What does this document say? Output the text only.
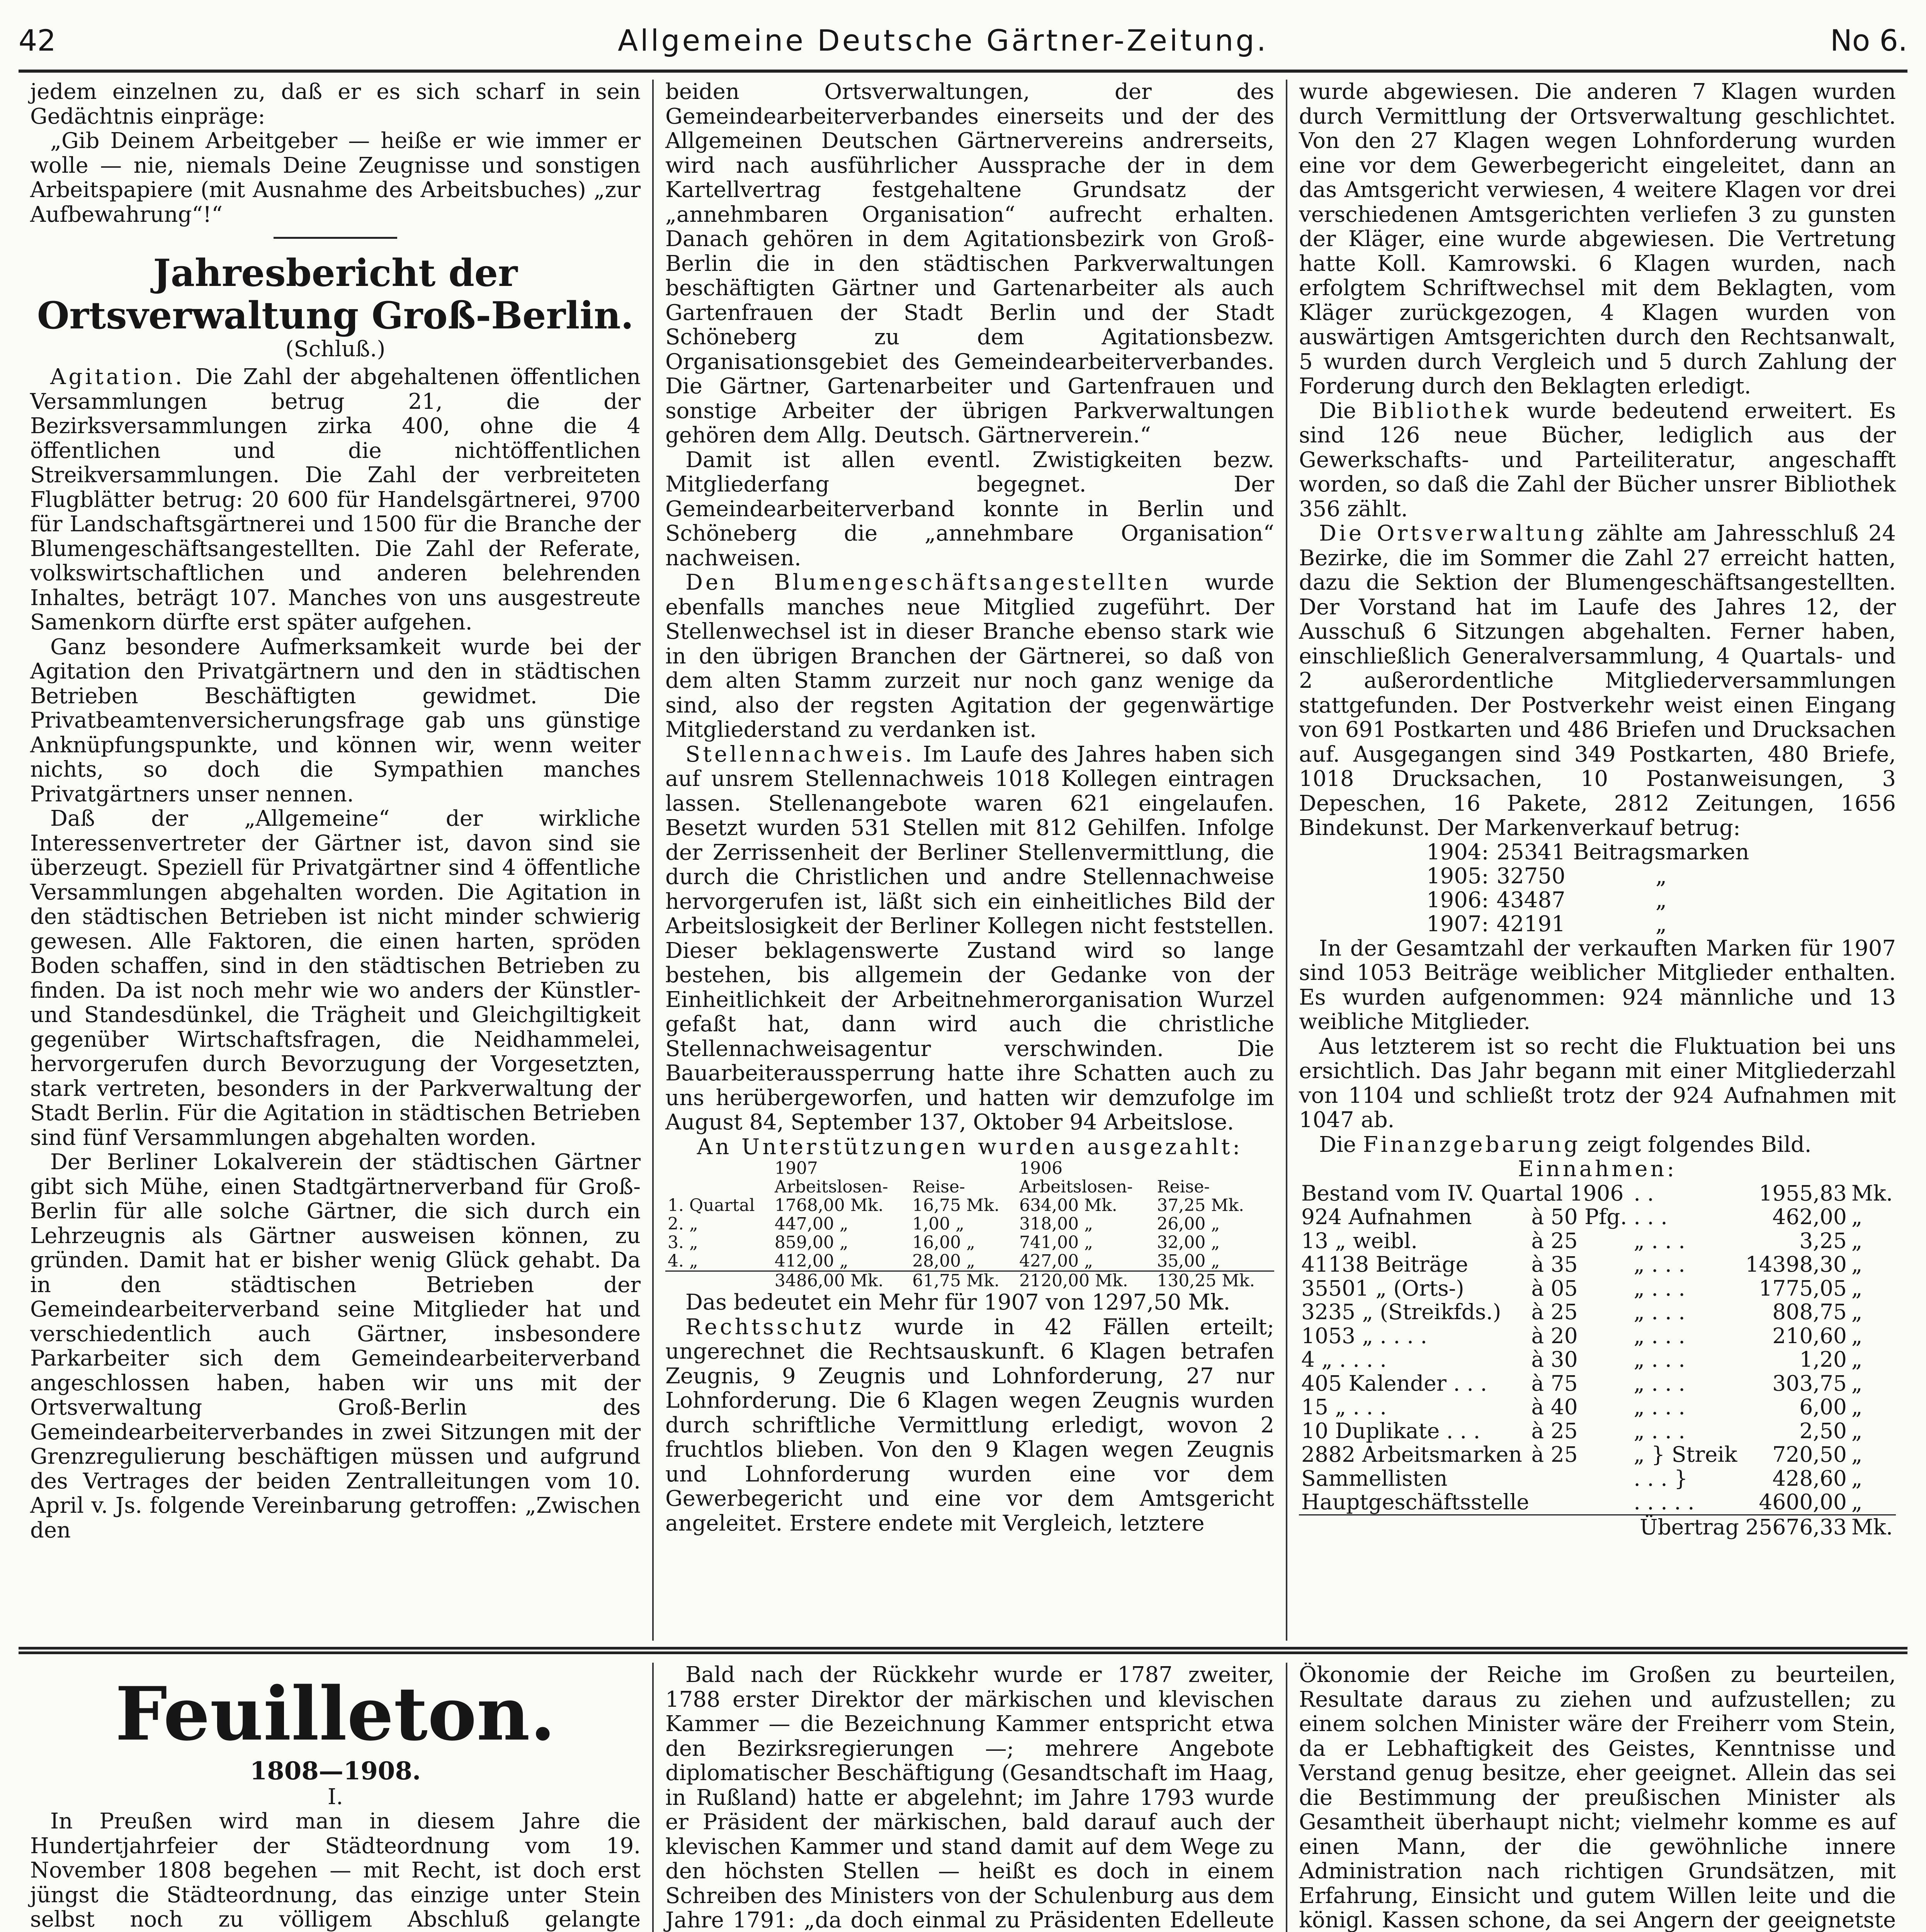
42	Allgemeine Deutsche Gärtner-Zeitung.	No 6.

jedem einzelnen zu, daß er es sich scharf in sein Gedächtnis einpräge:

„Gib Deinem Arbeitgeber — heiße er wie immer er wolle — nie, niemals Deine Zeugnisse und sonstigen Arbeitspapiere (mit Ausnahme des Arbeitsbuches) „zur Aufbewahrung“!“

Jahresbericht der Ortsverwaltung Groß-Berlin.
(Schluß.)

Agitation. Die Zahl der abgehaltenen öffentlichen Versammlungen betrug 21, die der Bezirksversammlungen zirka 400, ohne die 4 öffentlichen und die nichtöffentlichen Streikversammlungen. Die Zahl der verbreiteten Flugblätter betrug: 20 600 für Handelsgärtnerei, 9700 für Landschaftsgärtnerei und 1500 für die Branche der Blumengeschäftsangestellten. Die Zahl der Referate, volkswirtschaftlichen und anderen belehrenden Inhaltes, beträgt 107. Manches von uns ausgestreute Samenkorn dürfte erst später aufgehen.

Ganz besondere Aufmerksamkeit wurde bei der Agitation den Privatgärtnern und den in städtischen Betrieben Beschäftigten gewidmet. Die Privatbeamtenversicherungsfrage gab uns günstige Anknüpfungspunkte, und können wir, wenn weiter nichts, so doch die Sympathien manches Privatgärtners unser nennen.

Daß der „Allgemeine“ der wirkliche Interessenvertreter der Gärtner ist, davon sind sie überzeugt. Speziell für Privatgärtner sind 4 öffentliche Versammlungen abgehalten worden. Die Agitation in den städtischen Betrieben ist nicht minder schwierig gewesen. Alle Faktoren, die einen harten, spröden Boden schaffen, sind in den städtischen Betrieben zu finden. Da ist noch mehr wie wo anders der Künstler- und Standesdünkel, die Trägheit und Gleichgiltigkeit gegenüber Wirtschaftsfragen, die Neidhammelei, hervorgerufen durch Bevorzugung der Vorgesetzten, stark vertreten, besonders in der Parkverwaltung der Stadt Berlin. Für die Agitation in städtischen Betrieben sind fünf Versammlungen abgehalten worden.

Der Berliner Lokalverein der städtischen Gärtner gibt sich Mühe, einen Stadtgärtnerverband für Groß-Berlin für alle solche Gärtner, die sich durch ein Lehrzeugnis als Gärtner ausweisen können, zu gründen. Damit hat er bisher wenig Glück gehabt. Da in den städtischen Betrieben der Gemeindearbeiterverband seine Mitglieder hat und verschiedentlich auch Gärtner, insbesondere Parkarbeiter sich dem Gemeindearbeiterverband angeschlossen haben, haben wir uns mit der Ortsverwaltung Groß-Berlin des Gemeindearbeiterverbandes in zwei Sitzungen mit der Grenzregulierung beschäftigen müssen und aufgrund des Vertrages der beiden Zentralleitungen vom 10. April v. Js. folgende Vereinbarung getroffen: „Zwischen den

beiden Ortsverwaltungen, der des Gemeindearbeiterverbandes einerseits und der des Allgemeinen Deutschen Gärtnervereins andrerseits, wird nach ausführlicher Aussprache der in dem Kartellvertrag festgehaltene Grundsatz der „annehmbaren Organisation“ aufrecht erhalten. Danach gehören in dem Agitationsbezirk von Groß-Berlin die in den städtischen Parkverwaltungen beschäftigten Gärtner und Gartenarbeiter als auch Gartenfrauen der Stadt Berlin und der Stadt Schöneberg zu dem Agitationsbezw. Organisationsgebiet des Gemeindearbeiterverbandes. Die Gärtner, Gartenarbeiter und Gartenfrauen und sonstige Arbeiter der übrigen Parkverwaltungen gehören dem Allg. Deutsch. Gärtnerverein.“

Damit ist allen eventl. Zwistigkeiten bezw. Mitgliederfang begegnet. Der Gemeindearbeiterverband konnte in Berlin und Schöneberg die „annehmbare Organisation“ nachweisen.

Den Blumengeschäftsangestellten wurde ebenfalls manches neue Mitglied zugeführt. Der Stellenwechsel ist in dieser Branche ebenso stark wie in den übrigen Branchen der Gärtnerei, so daß von dem alten Stamm zurzeit nur noch ganz wenige da sind, also der regsten Agitation der gegenwärtige Mitgliederstand zu verdanken ist.

Stellennachweis. Im Laufe des Jahres haben sich auf unsrem Stellennachweis 1018 Kollegen eintragen lassen. Stellenangebote waren 621 eingelaufen. Besetzt wurden 531 Stellen mit 812 Gehilfen. Infolge der Zerrissenheit der Berliner Stellenvermittlung, die durch die Christlichen und andre Stellennachweise hervorgerufen ist, läßt sich ein einheitliches Bild der Arbeitslosigkeit der Berliner Kollegen nicht feststellen. Dieser beklagenswerte Zustand wird so lange bestehen, bis allgemein der Gedanke von der Einheitlichkeit der Arbeitnehmerorganisation Wurzel gefaßt hat, dann wird auch die christliche Stellennachweisagentur verschwinden. Die Bauarbeiteraussperrung hatte ihre Schatten auch zu uns herübergeworfen, und hatten wir demzufolge im August 84, September 137, Oktober 94 Arbeitslose.

An Unterstützungen wurden ausgezahlt:

	1907		1906	
	Arbeitslosen-	Reise-	Arbeitslosen-	Reise-
1. Quartal	1768,00 Mk.	16,75 Mk.	634,00 Mk.	37,25 Mk.
2. „	447,00 „	1,00 „	318,00 „	26,00 „
3. „	859,00 „	16,00 „	741,00 „	32,00 „
4. „	412,00 „	28,00 „	427,00 „	35,00 „
	3486,00 Mk.	61,75 Mk.	2120,00 Mk.	130,25 Mk.

Das bedeutet ein Mehr für 1907 von 1297,50 Mk.

Rechtsschutz wurde in 42 Fällen erteilt; ungerechnet die Rechtsauskunft. 6 Klagen betrafen Zeugnis, 9 Zeugnis und Lohnforderung, 27 nur Lohnforderung. Die 6 Klagen wegen Zeugnis wurden durch schriftliche Vermittlung erledigt, wovon 2 fruchtlos blieben. Von den 9 Klagen wegen Zeugnis und Lohnforderung wurden eine vor dem Gewerbegericht und eine vor dem Amtsgericht angeleitet. Erstere endete mit Vergleich, letztere

wurde abgewiesen. Die anderen 7 Klagen wurden durch Vermittlung der Ortsverwaltung geschlichtet. Von den 27 Klagen wegen Lohnforderung wurden eine vor dem Gewerbegericht eingeleitet, dann an das Amtsgericht verwiesen, 4 weitere Klagen vor drei verschiedenen Amtsgerichten verliefen 3 zu gunsten der Kläger, eine wurde abgewiesen. Die Vertretung hatte Koll. Kamrowski. 6 Klagen wurden, nach erfolgtem Schriftwechsel mit dem Beklagten, vom Kläger zurückgezogen, 4 Klagen wurden von auswärtigen Amtsgerichten durch den Rechtsanwalt, 5 wurden durch Vergleich und 5 durch Zahlung der Forderung durch den Beklagten erledigt.

Die Bibliothek wurde bedeutend erweitert. Es sind 126 neue Bücher, lediglich aus der Gewerkschafts- und Parteiliteratur, angeschafft worden, so daß die Zahl der Bücher unsrer Bibliothek 356 zählt.

Die Ortsverwaltung zählte am Jahresschluß 24 Bezirke, die im Sommer die Zahl 27 erreicht hatten, dazu die Sektion der Blumengeschäftsangestellten. Der Vorstand hat im Laufe des Jahres 12, der Ausschuß 6 Sitzungen abgehalten. Ferner haben, einschließlich Generalversammlung, 4 Quartals- und 2 außerordentliche Mitgliederversammlungen stattgefunden. Der Postverkehr weist einen Eingang von 691 Postkarten und 486 Briefen und Drucksachen auf. Ausgegangen sind 349 Postkarten, 480 Briefe, 1018 Drucksachen, 10 Postanweisungen, 3 Depeschen, 16 Pakete, 2812 Zeitungen, 1656 Bindekunst. Der Markenverkauf betrug:

1904:	25341	Beitragsmarken
1905:	32750	„
1906:	43487	„
1907:	42191	„

In der Gesamtzahl der verkauften Marken für 1907 sind 1053 Beiträge weiblicher Mitglieder enthalten. Es wurden aufgenommen: 924 männliche und 13 weibliche Mitglieder.

Aus letzterem ist so recht die Fluktuation bei uns ersichtlich. Das Jahr begann mit einer Mitgliederzahl von 1104 und schließt trotz der 924 Aufnahmen mit 1047 ab.

Die Finanzgebarung zeigt folgendes Bild.

Einnahmen:

Bestand vom IV. Quartal 1906		. .	1955,83	Mk.
924 Aufnahmen	à 50 Pfg.	. . .	462,00	„
13 „ weibl.	à 25	„ . . .	3,25	„
41138 Beiträge	à 35	„ . . .	14398,30	„
35501 „ (Orts-)	à 05	„ . . .	1775,05	„
3235 „ (Streikfds.)	à 25	„ . . .	808,75	„
1053 „ . . . .	à 20	„ . . .	210,60	„
4 „ . . . .	à 30	„ . . .	1,20	„
405 Kalender . . .	à 75	„ . . .	303,75	„
15 „ . . .	à 40	„ . . .	6,00	„
10 Duplikate . . .	à 25	„ . . .	2,50	„
2882 Arbeitsmarken	à 25	„ } Streik	720,50	„
Sammellisten		. . . }	428,60	„
Hauptgeschäftsstelle		. . . . .	4600,00	„
Übertrag			25676,33	Mk.
Feuilleton.
1808—1908.
I.

In Preußen wird man in diesem Jahre die Hundertjahrfeier der Städteordnung vom 19. November 1808 begehen — mit Recht, ist doch erst jüngst die Städteordnung, das einzige unter Stein selbst noch zu völligem Abschluß gelangte

Bald nach der Rückkehr wurde er 1787 zweiter, 1788 erster Direktor der märkischen und klevischen Kammer — die Bezeichnung Kammer entspricht etwa den Bezirksregierungen —; mehrere Angebote diplomatischer Beschäftigung (Gesandtschaft im Haag, in Rußland) hatte er abgelehnt; im Jahre 1793 wurde er Präsident der märkischen, bald darauf auch der klevischen Kammer und stand damit auf dem Wege zu den höchsten Stellen — heißt es doch in einem Schreiben des Ministers von der Schulenburg aus dem Jahre 1791: „da doch einmal zu Präsidenten Edelleute

Ökonomie der Reiche im Großen zu beurteilen, Resultate daraus zu ziehen und aufzustellen; zu einem solchen Minister wäre der Freiherr vom Stein, da er Lebhaftigkeit des Geistes, Kenntnisse und Verstand genug besitze, eher geeignet. Allein das sei die Bestimmung der preußischen Minister als Gesamtheit überhaupt nicht; vielmehr komme es auf einen Mann, der die gewöhnliche innere Administration nach richtigen Grundsätzen, mit Erfahrung, Einsicht und gutem Willen leite und die königl. Kassen schone, da sei Angern der geeignetste
